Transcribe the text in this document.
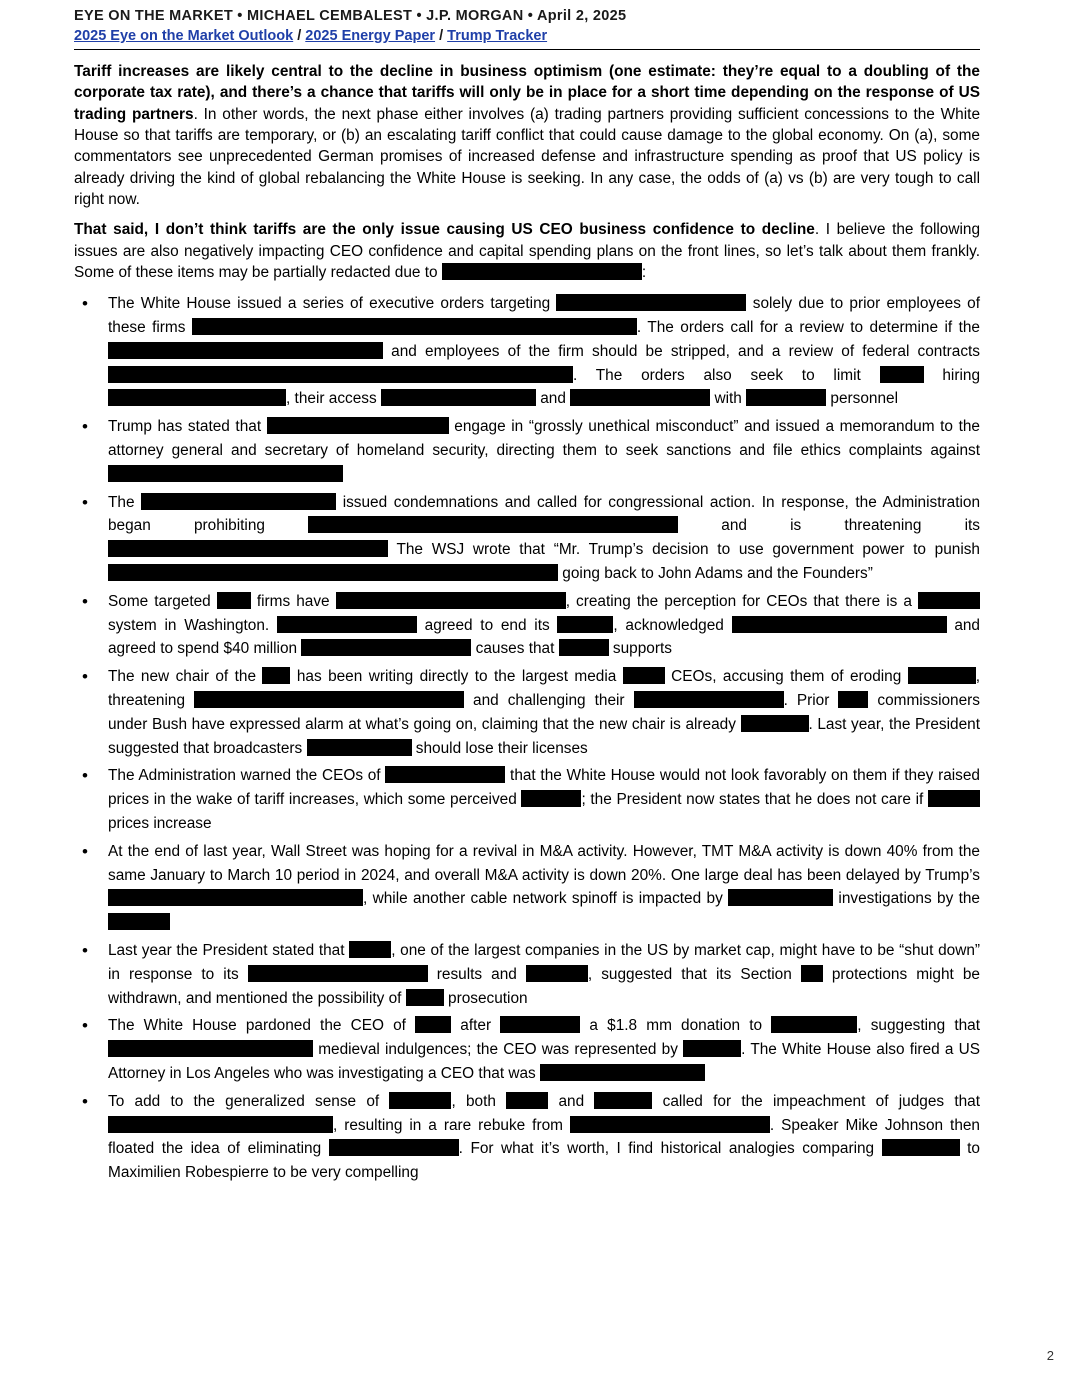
EYE ON THE MARKET • MICHAEL CEMBALEST • J.P. MORGAN • April 2, 2025
2025 Eye on the Market Outlook / 2025 Energy Paper / Trump Tracker

Tariff increases are likely central to the decline in business optimism (one estimate: they’re equal to a doubling of the corporate tax rate), and there’s a chance that tariffs will only be in place for a short time depending on the response of US trading partners. In other words, the next phase either involves (a) trading partners providing sufficient concessions to the White House so that tariffs are temporary, or (b) an escalating tariff conflict that could cause damage to the global economy. On (a), some commentators see unprecedented German promises of increased defense and infrastructure spending as proof that US policy is already driving the kind of global rebalancing the White House is seeking. In any case, the odds of (a) vs (b) are very tough to call right now.

That said, I don’t think tariffs are the only issue causing US CEO business confidence to decline. I believe the following issues are also negatively impacting CEO confidence and capital spending plans on the front lines, so let’s talk about them frankly. Some of these items may be partially redacted due to	:

• The White House issued a series of executive orders targeting	solely due to prior employees of these firms	. The orders call for a review to determine if the  and employees of the firm should be stripped, and a review of federal contracts . The orders also seek to limit	hiring , their access	and	with	personnel
• Trump has stated that	engage in “grossly unethical misconduct” and issued a memorandum to the attorney general and secretary of homeland security, directing them to seek sanctions and file ethics complaints against
• The	issued condemnations and called for congressional action. In response, the Administration began prohibiting	and is threatening its  The WSJ wrote that “Mr. Trump’s decision to use government power to punish  going back to John Adams and the Founders”
• Some targeted  firms have	, creating the perception for CEOs that there is a  system in Washington.	agreed to end its	, acknowledged	and agreed to spend $40 million	causes that	supports
• The new chair of the  has been writing directly to the largest media	CEOs, accusing them of eroding	, threatening	and challenging their	. Prior  commissioners under Bush have expressed alarm at what’s going on, claiming that the new chair is already	. Last year, the President suggested that broadcasters	should lose their licenses
• The Administration warned the CEOs of	that the White House would not look favorably on them if they raised prices in the wake of tariff increases, which some perceived	; the President now states that he does not care if  prices increase
• At the end of last year, Wall Street was hoping for a revival in M&A activity. However, TMT M&A activity is down 40% from the same January to March 10 period in 2024, and overall M&A activity is down 20%. One large deal has been delayed by Trump’s , while another cable network spinoff is impacted by	investigations by the
• Last year the President stated that	, one of the largest companies in the US by market cap, might have to be “shut down” in response to its	results and	, suggested that its Section  protections might be withdrawn, and mentioned the possibility of  prosecution
• The White House pardoned the CEO of  after	a $1.8 mm donation to	, suggesting that  medieval indulgences; the CEO was represented by	. The White House also fired a US Attorney in Los Angeles who was investigating a CEO that was
• To add to the generalized sense of	, both	and	called for the impeachment of judges that , resulting in a rare rebuke from	. Speaker Mike Johnson then floated the idea of eliminating	. For what it’s worth, I find historical analogies comparing	to Maximilien Robespierre to be very compelling
2
